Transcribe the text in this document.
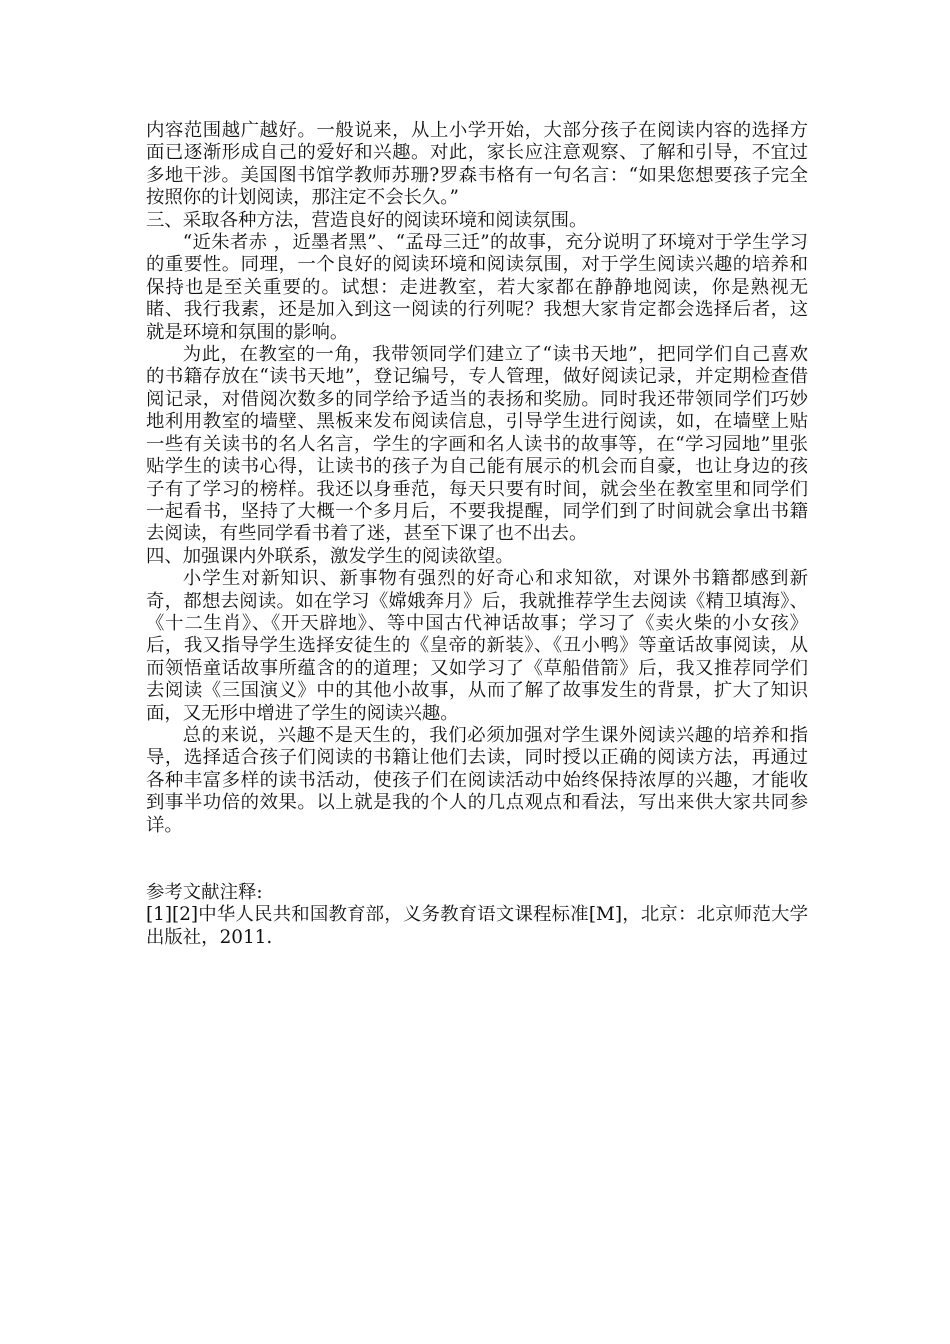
内容范围越广越好。一般说来，从上小学开始，大部分孩子在阅读内容的选择方面已逐渐形成自己的爱好和兴趣。对此，家长应注意观察、了解和引导，不宜过多地干涉。美国图书馆学教师苏珊?罗森韦格有一句名言：“如果您想要孩子完全按照你的计划阅读，那注定不会长久。”

三、采取各种方法，营造良好的阅读环境和阅读氛围。

“近朱者赤 ，近墨者黑”、“孟母三迁”的故事，充分说明了环境对于学生学习的重要性。同理，一个良好的阅读环境和阅读氛围，对于学生阅读兴趣的培养和保持也是至关重要的。试想：走进教室，若大家都在静静地阅读，你是熟视无睹、我行我素，还是加入到这一阅读的行列呢？我想大家肯定都会选择后者，这就是环境和氛围的影响。

为此，在教室的一角，我带领同学们建立了“读书天地”，把同学们自己喜欢的书籍存放在“读书天地”，登记编号，专人管理，做好阅读记录，并定期检查借阅记录，对借阅次数多的同学给予适当的表扬和奖励。同时我还带领同学们巧妙地利用教室的墙壁、黑板来发布阅读信息，引导学生进行阅读，如，在墙壁上贴一些有关读书的名人名言，学生的字画和名人读书的故事等，在“学习园地”里张贴学生的读书心得，让读书的孩子为自己能有展示的机会而自豪，也让身边的孩子有了学习的榜样。我还以身垂范，每天只要有时间，就会坐在教室里和同学们一起看书，坚持了大概一个多月后，不要我提醒，同学们到了时间就会拿出书籍去阅读，有些同学看书着了迷，甚至下课了也不出去。

四、加强课内外联系，激发学生的阅读欲望。

小学生对新知识、新事物有强烈的好奇心和求知欲，对课外书籍都感到新奇，都想去阅读。如在学习《嫦娥奔月》后，我就推荐学生去阅读《精卫填海》、《十二生肖》、《开天辟地》、等中国古代神话故事；学习了《卖火柴的小女孩》后，我又指导学生选择安徒生的《皇帝的新装》、《丑小鸭》等童话故事阅读，从而领悟童话故事所蕴含的的道理；又如学习了《草船借箭》后，我又推荐同学们去阅读《三国演义》中的其他小故事，从而了解了故事发生的背景，扩大了知识面，又无形中增进了学生的阅读兴趣。

总的来说，兴趣不是天生的，我们必须加强对学生课外阅读兴趣的培养和指导，选择适合孩子们阅读的书籍让他们去读，同时授以正确的阅读方法，再通过各种丰富多样的读书活动，使孩子们在阅读活动中始终保持浓厚的兴趣，才能收到事半功倍的效果。以上就是我的个人的几点观点和看法，写出来供大家共同参详。

参考文献注释:

[1][2]中华人民共和国教育部，义务教育语文课程标准[M]，北京：北京师范大学出版社，2011.
